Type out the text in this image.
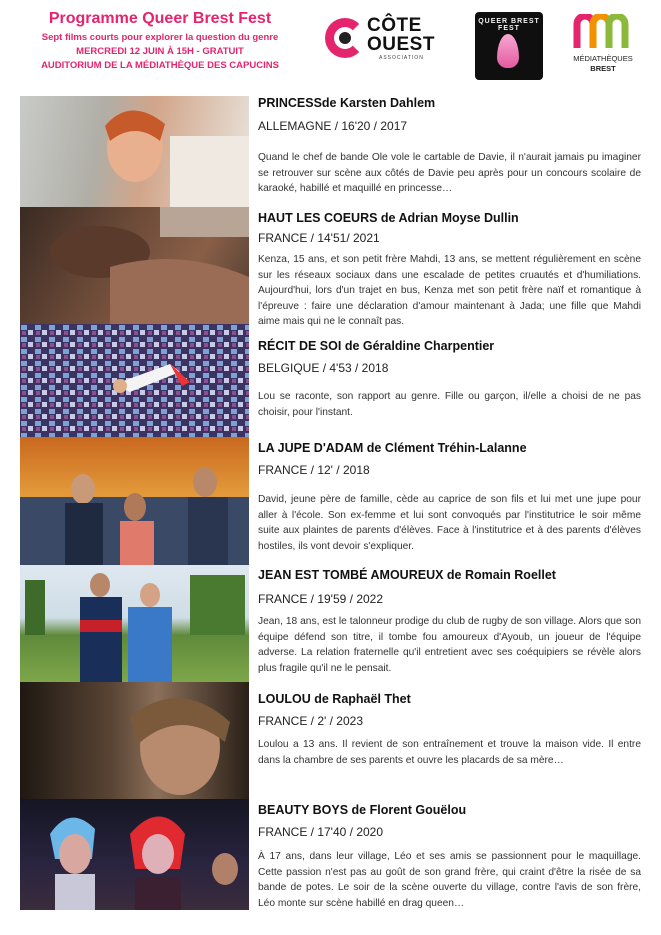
Programme Queer Brest Fest
Sept films courts pour explorer la question du genre
MERCREDI 12 JUIN À 15H - GRATUIT
AUDITORIUM DE LA MÉDIATHÈQUE DES CAPUCINS
CÔTE
OUEST
ASSOCIATION
QUEER BREST FEST
MÉDIATHÈQUES
BREST
PRINCESSde Karsten Dahlem
ALLEMAGNE / 16'20 / 2017
Quand le chef de bande Ole vole le cartable de Davie, il n'aurait jamais pu imaginer se retrouver sur scène aux côtés de Davie peu après pour un concours scolaire de karaoké, habillé et maquillé en princesse…
HAUT LES COEURS de Adrian Moyse Dullin
FRANCE / 14'51/ 2021
Kenza, 15 ans, et son petit frère Mahdi, 13 ans, se mettent régulièrement en scène sur les réseaux sociaux dans une escalade de petites cruautés et d'humiliations. Aujourd'hui, lors d'un trajet en bus, Kenza met son petit frère naïf et romantique à l'épreuve : faire une déclaration d'amour maintenant à Jada; une fille que Mahdi aime mais qui ne le connaît pas.
RÉCIT DE SOI de Géraldine Charpentier
BELGIQUE / 4'53 / 2018
Lou se raconte, son rapport au genre. Fille ou garçon, il/elle a choisi de ne pas choisir, pour l'instant.
LA JUPE D'ADAM de Clément Tréhin-Lalanne
FRANCE / 12' / 2018
David, jeune père de famille, cède au caprice de son fils et lui met une jupe pour aller à l'école. Son ex-femme et lui sont convoqués par l'institutrice le soir même suite aux plaintes de parents d'élèves. Face à l'institutrice et à des parents d'élèves hostiles, ils vont devoir s'expliquer.
JEAN EST TOMBÉ AMOUREUX de Romain Roellet
FRANCE / 19'59 / 2022
Jean, 18 ans, est le talonneur prodige du club de rugby de son village. Alors que son équipe défend son titre, il tombe fou amoureux d'Ayoub, un joueur de l'équipe adverse. La relation fraternelle qu'il entretient avec ses coéquipiers se révèle alors plus fragile qu'il ne le pensait.
LOULOU de Raphaël Thet
FRANCE / 2' / 2023
Loulou a 13 ans. Il revient de son entraînement et trouve la maison vide. Il entre dans la chambre de ses parents et ouvre les placards de sa mère…
BEAUTY BOYS de Florent Gouëlou
FRANCE / 17'40 / 2020
À 17 ans, dans leur village, Léo et ses amis se passionnent pour le maquillage. Cette passion n'est pas au goût de son grand frère, qui craint d'être la risée de sa bande de potes. Le soir de la scène ouverte du village, contre l'avis de son frère, Léo monte sur scène habillé en drag queen…
